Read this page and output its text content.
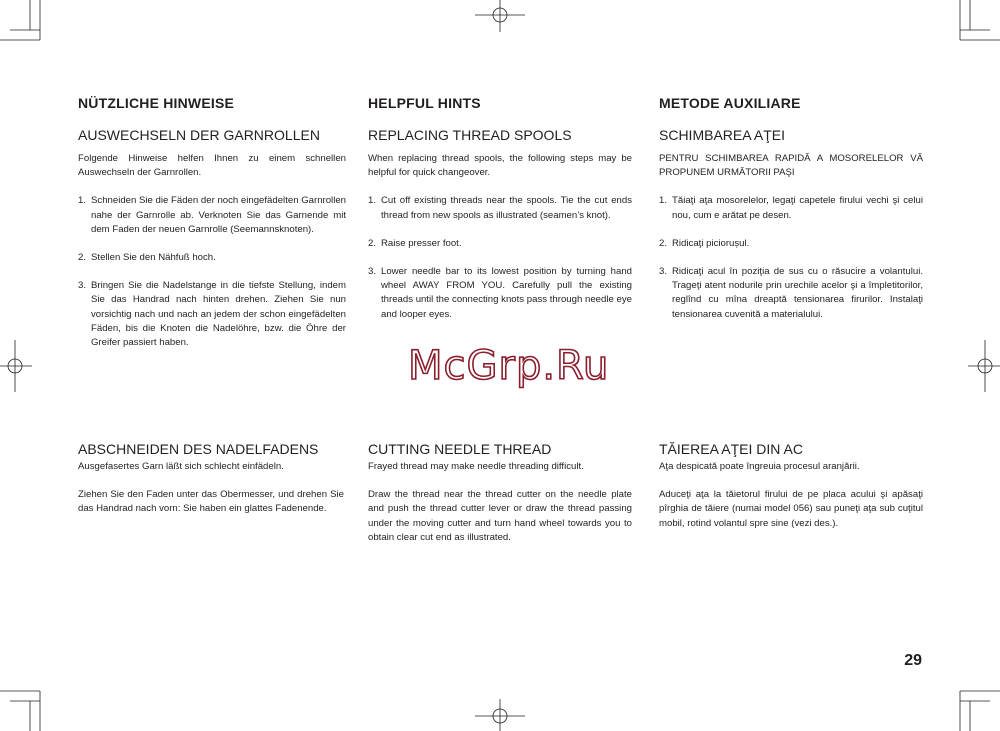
NÜTZLICHE HINWEISE
AUSWECHSELN DER GARNROLLEN
Folgende Hinweise helfen Ihnen zu einem schnellen Auswechseln der Garnrollen.
1. Schneiden Sie die Fäden der noch eingefädelten Garnrollen nahe der Garnrolle ab. Verknoten Sie das Garnende mit dem Faden der neuen Garnrolle (Seemannsknoten).
2. Stellen Sie den Nähfuß hoch.
3. Bringen Sie die Nadelstange in die tiefste Stellung, indem Sie das Handrad nach hinten drehen. Ziehen Sie nun vorsichtig nach und nach an jedem der schon eingefädelten Fäden, bis die Knoten die Nadelöhre, bzw. die Öhre der Greifer passiert haben.
HELPFUL HINTS
REPLACING THREAD SPOOLS
When replacing thread spools, the following steps may be helpful for quick changeover.
1. Cut off existing threads near the spools. Tie the cut ends thread from new spools as illustrated (seamen’s knot).
2. Raise presser foot.
3. Lower needle bar to its lowest position by turning hand wheel AWAY FROM YOU. Carefully pull the existing threads until the connecting knots pass through needle eye and looper eyes.
METODE AUXILIARE
SCHIMBAREA AŢEI
PENTRU SCHIMBAREA RAPIDĂ A MOSORELELOR VĂ PROPUNEM URMĂTORII PAŞI
1. Tăiaţi aţa mosorelelor, legaţi capetele firului vechi şi celui nou, cum e arătat pe desen.
2. Ridicaţi piciorușul.
3. Ridicaţi acul în poziţia de sus cu o răsucire a volantului. Trageţi atent nodurile prin urechile acelor şi a împletitorilor, reglînd cu mîna dreaptă tensionarea firurilor. Instalaţi tensionarea cuvenită a materialului.
McGrp.Ru
ABSCHNEIDEN DES NADELFADENS
Ausgefasertes Garn läßt sich schlecht einfädeln.
Ziehen Sie den Faden unter das Obermesser, und drehen Sie das Handrad nach vorn: Sie haben ein glattes Fadenende.
CUTTING NEEDLE THREAD
Frayed thread may make needle threading difficult.
Draw the thread near the thread cutter on the needle plate and push the thread cutter lever or draw the thread passing under the moving cutter and turn hand wheel towards you to obtain clear cut end as illustrated.
TĂIEREA AŢEI DIN AC
Aţa despicată poate îngreuia procesul aranjării.
Aduceţi aţa la tăietorul firului de pe placa acului şi apăsaţi pîrghia de tăiere (numai model 056) sau puneţi aţa sub cuţitul mobil, rotind volantul spre sine (vezi des.).
29
